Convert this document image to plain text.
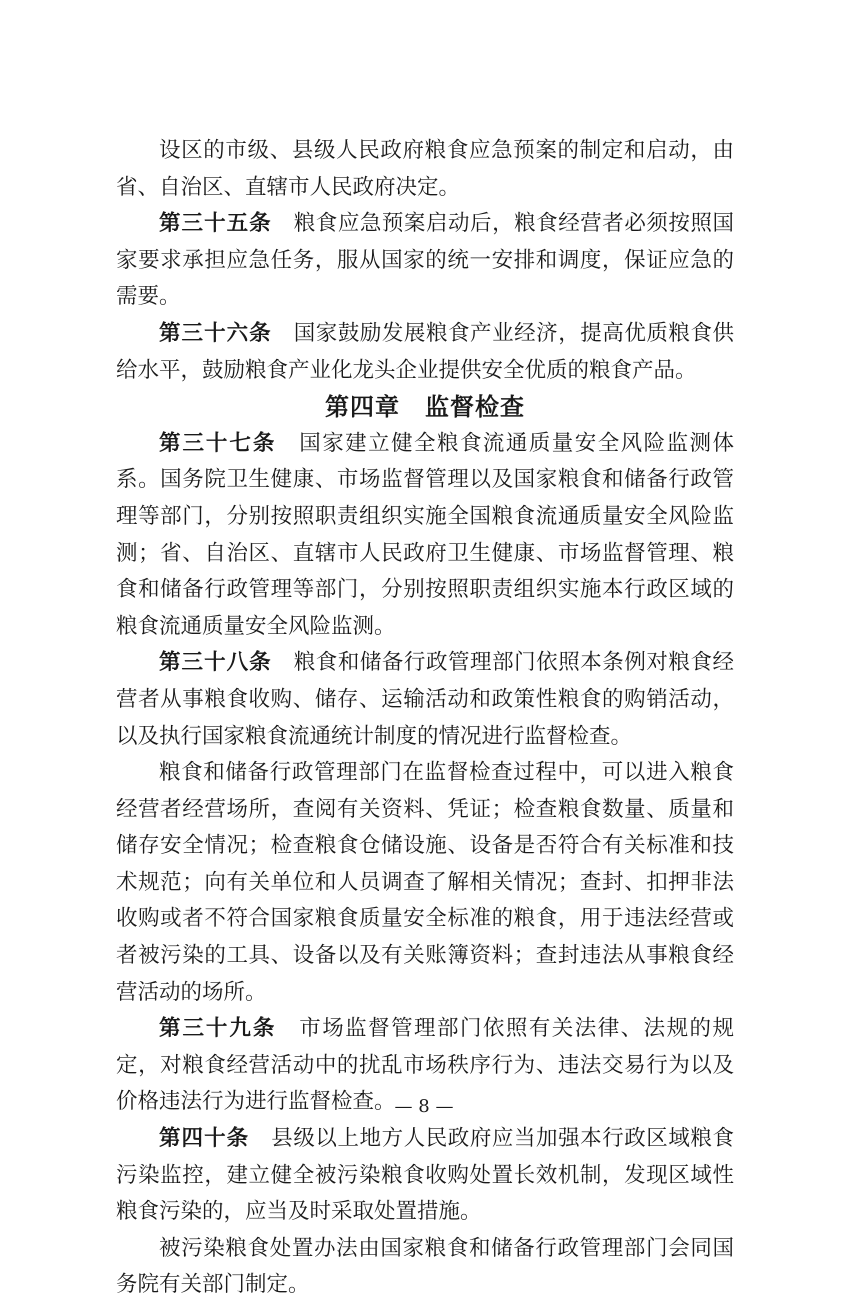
设区的市级、县级人民政府粮食应急预案的制定和启动，由省、自治区、直辖市人民政府决定。

第三十五条　粮食应急预案启动后，粮食经营者必须按照国家要求承担应急任务，服从国家的统一安排和调度，保证应急的需要。

第三十六条　国家鼓励发展粮食产业经济，提高优质粮食供给水平，鼓励粮食产业化龙头企业提供安全优质的粮食产品。

第四章　监督检查

第三十七条　国家建立健全粮食流通质量安全风险监测体系。国务院卫生健康、市场监督管理以及国家粮食和储备行政管理等部门，分别按照职责组织实施全国粮食流通质量安全风险监测；省、自治区、直辖市人民政府卫生健康、市场监督管理、粮食和储备行政管理等部门，分别按照职责组织实施本行政区域的粮食流通质量安全风险监测。

第三十八条　粮食和储备行政管理部门依照本条例对粮食经营者从事粮食收购、储存、运输活动和政策性粮食的购销活动，以及执行国家粮食流通统计制度的情况进行监督检查。

粮食和储备行政管理部门在监督检查过程中，可以进入粮食经营者经营场所，查阅有关资料、凭证；检查粮食数量、质量和储存安全情况；检查粮食仓储设施、设备是否符合有关标准和技术规范；向有关单位和人员调查了解相关情况；查封、扣押非法收购或者不符合国家粮食质量安全标准的粮食，用于违法经营或者被污染的工具、设备以及有关账簿资料；查封违法从事粮食经营活动的场所。

第三十九条　市场监督管理部门依照有关法律、法规的规定，对粮食经营活动中的扰乱市场秩序行为、违法交易行为以及价格违法行为进行监督检查。

第四十条　县级以上地方人民政府应当加强本行政区域粮食污染监控，建立健全被污染粮食收购处置长效机制，发现区域性粮食污染的，应当及时采取处置措施。

被污染粮食处置办法由国家粮食和储备行政管理部门会同国务院有关部门制定。

— 8 —
